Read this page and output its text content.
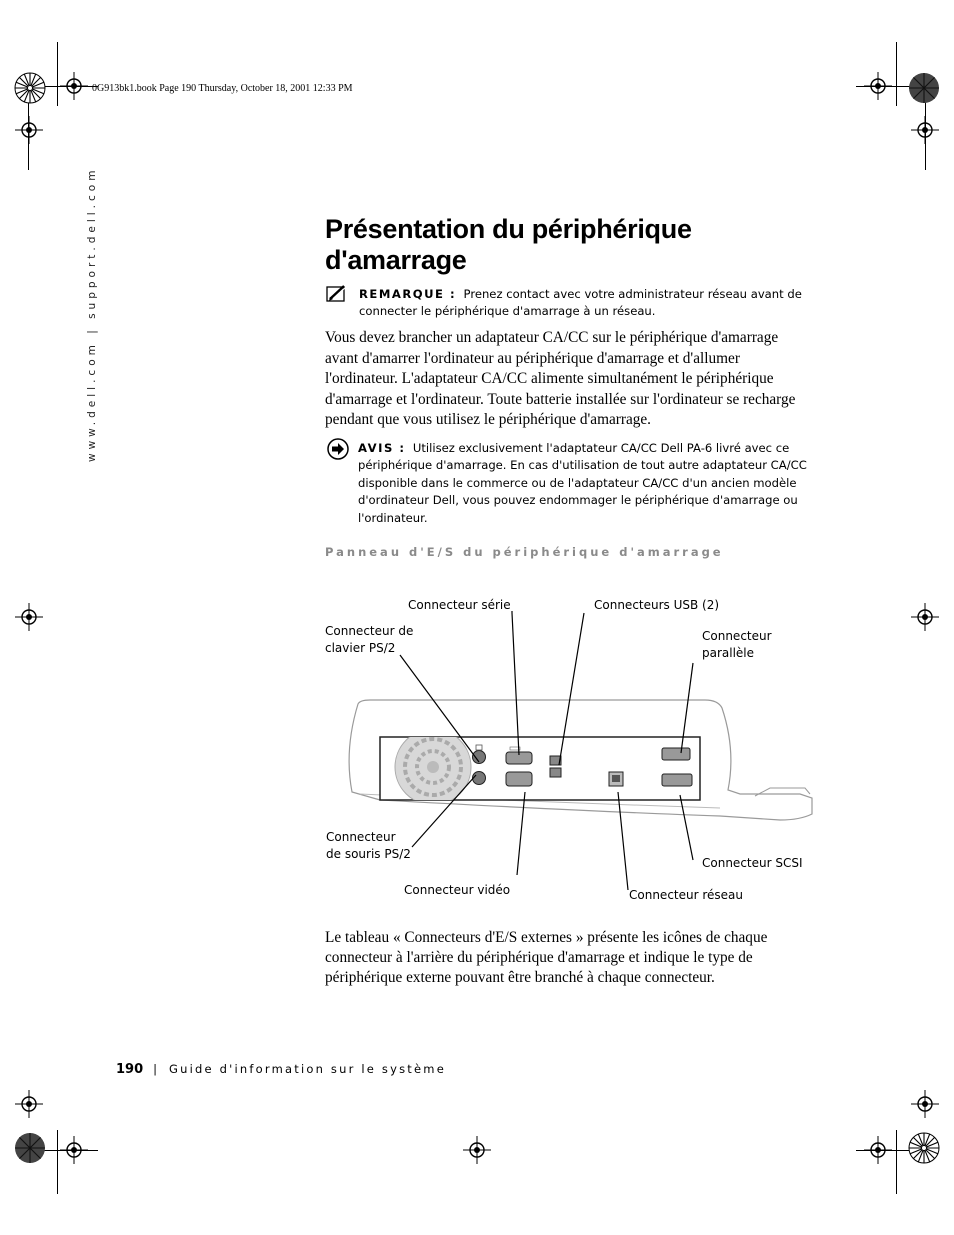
0G913bk1.book Page 190 Thursday, October 18, 2001 12:33 PM
www.dell.com | support.dell.com	Présentation du périphérique d'amarrage
REMARQUE : Prenez contact avec votre administrateur réseau avant de connecter le périphérique d'amarrage à un réseau.

Vous devez brancher un adaptateur CA/CC sur le périphérique d'amarrage avant d'amarrer l'ordinateur au périphérique d'amarrage et d'allumer l'ordinateur. L'adaptateur CA/CC alimente simultanément le périphérique d'amarrage et l'ordinateur. Toute batterie installée sur l'ordinateur se recharge pendant que vous utilisez le périphérique d'amarrage.

AVIS : Utilisez exclusivement l'adaptateur CA/CC Dell PA-6 livré avec ce périphérique d'amarrage. En cas d'utilisation de tout autre adaptateur CA/CC disponible dans le commerce ou de l'adaptateur CA/CC d'un ancien modèle d'ordinateur Dell, vous pouvez endommager le périphérique d'amarrage ou l'ordinateur.
Panneau d'E/S du périphérique d'amarrage
Connecteur série	Connecteurs USB (2)
Connecteur de
clavier PS/2
Connecteur
parallèle
Connecteur
de souris PS/2
Connecteur SCSI
Connecteur vidéo	Connecteur réseau

Le tableau « Connecteurs d'E/S externes » présente les icônes de chaque connecteur à l'arrière du périphérique d'amarrage et indique le type de périphérique externe pouvant être branché à chaque connecteur.

190 | Guide d'information sur le système
